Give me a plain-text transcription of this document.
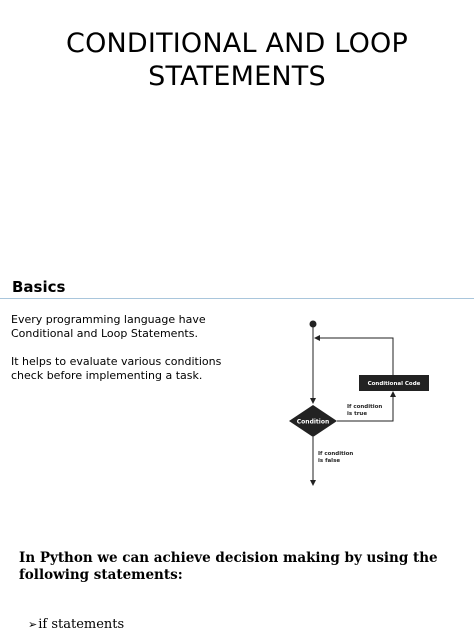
CONDITIONAL AND LOOP
STATEMENTS
Basics
Every programming language have Conditional and Loop Statements.
It helps to evaluate various conditions check before implementing a task.
Condition
Conditional Code
If condition
is true
If condition
is false
In Python we can achieve decision making by using the following statements:
➢ if statements
